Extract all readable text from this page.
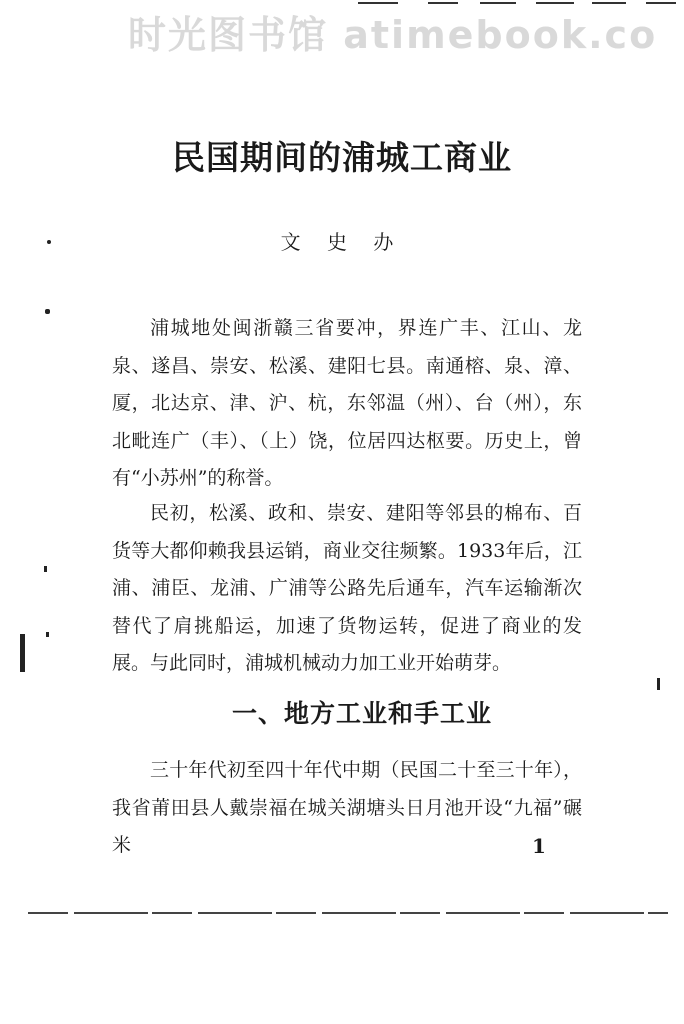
时光图书馆 atimebook.co
民国期间的浦城工商业
文 史 办

浦城地处闽浙赣三省要冲，界连广丰、江山、龙泉、遂昌、崇安、松溪、建阳七县。南通榕、泉、漳、厦，北达京、津、沪、杭，东邻温（州）、台（州），东北毗连广（丰）、（上）饶，位居四达枢要。历史上，曾有“小苏州”的称誉。

民初，松溪、政和、崇安、建阳等邻县的棉布、百货等大都仰赖我县运销，商业交往频繁。1933年后，江浦、浦臣、龙浦、广浦等公路先后通车，汽车运输渐次替代了肩挑船运，加速了货物运转，促进了商业的发展。与此同时，浦城机械动力加工业开始萌芽。

一、地方工业和手工业

三十年代初至四十年代中期（民国二十至三十年），我省莆田县人戴崇福在城关湖塘头日月池开设“九福”碾米	1
